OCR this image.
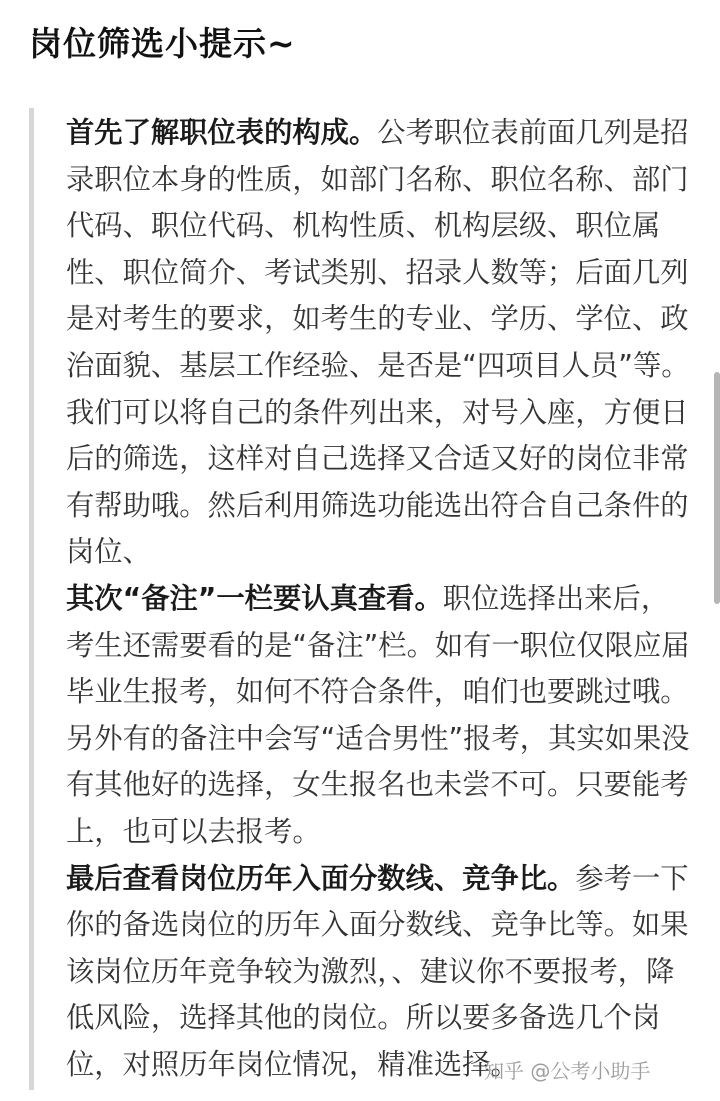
岗位筛选小提示~

首先了解职位表的构成。公考职位表前面几列是招录职位本身的性质，如部门名称、职位名称、部门代码、职位代码、机构性质、机构层级、职位属性、职位简介、考试类别、招录人数等；后面几列是对考生的要求，如考生的专业、学历、学位、政治面貌、基层工作经验、是否是“四项目人员”等。我们可以将自己的条件列出来，对号入座，方便日后的筛选，这样对自己选择又合适又好的岗位非常有帮助哦。然后利用筛选功能选出符合自己条件的岗位、

其次“备注”一栏要认真查看。职位选择出来后，考生还需要看的是“备注”栏。如有一职位仅限应届毕业生报考，如何不符合条件，咱们也要跳过哦。另外有的备注中会写“适合男性”报考，其实如果没有其他好的选择，女生报名也未尝不可。只要能考上，也可以去报考。

最后查看岗位历年入面分数线、竞争比。参考一下你的备选岗位的历年入面分数线、竞争比等。如果该岗位历年竞争较为激烈，、建议你不要报考，降低风险，选择其他的岗位。所以要多备选几个岗位，对照历年岗位情况，精准选择。

知乎 @公考小助手
